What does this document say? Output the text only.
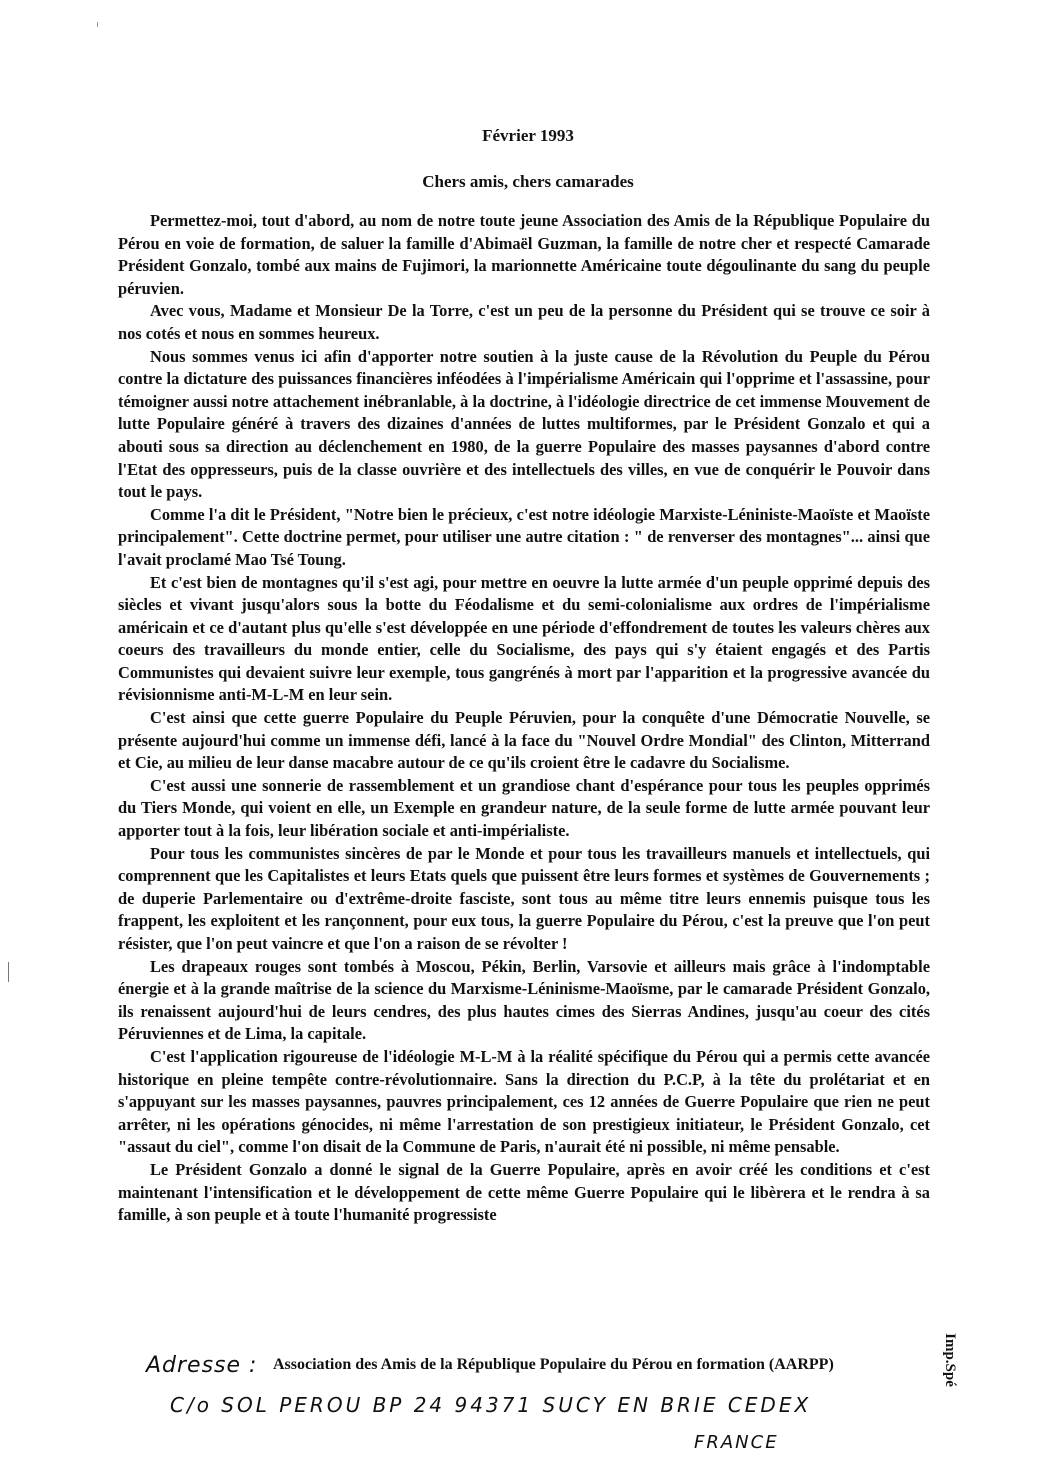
Février 1993
Chers amis, chers camarades

Permettez-moi, tout d'abord, au nom de notre toute jeune Association des Amis de la République Populaire du Pérou en voie de formation, de saluer la famille d'Abimaël Guzman, la famille de notre cher et respecté Camarade Président Gonzalo, tombé aux mains de Fujimori, la marionnette Américaine toute dégoulinante du sang du peuple péruvien.

Avec vous, Madame et Monsieur De la Torre, c'est un peu de la personne du Président qui se trouve ce soir à nos cotés et nous en sommes heureux.

Nous sommes venus ici afin d'apporter notre soutien à la juste cause de la Révolution du Peuple du Pérou contre la dictature des puissances financières inféodées à l'impérialisme Américain qui l'opprime et l'assassine, pour témoigner aussi notre attachement inébranlable, à la doctrine, à l'idéologie directrice de cet immense Mouvement de lutte Populaire généré à travers des dizaines d'années de luttes multiformes, par le Président Gonzalo et qui a abouti sous sa direction au déclenchement en 1980, de la guerre Populaire des masses paysannes d'abord contre l'Etat des oppresseurs, puis de la classe ouvrière et des intellectuels des villes, en vue de conquérir le Pouvoir dans tout le pays.

Comme l'a dit le Président, "Notre bien le précieux, c'est notre idéologie Marxiste-Léniniste-Maoïste et Maoïste principalement". Cette doctrine permet, pour utiliser une autre citation : " de renverser des montagnes"... ainsi que l'avait proclamé Mao Tsé Toung.

Et c'est bien de montagnes qu'il s'est agi, pour mettre en oeuvre la lutte armée d'un peuple opprimé depuis des siècles et vivant jusqu'alors sous la botte du Féodalisme et du semi-colonialisme aux ordres de l'impérialisme américain et ce d'autant plus qu'elle s'est développée en une période d'effondrement de toutes les valeurs chères aux coeurs des travailleurs du monde entier, celle du Socialisme, des pays qui s'y étaient engagés et des Partis Communistes qui devaient suivre leur exemple, tous gangrénés à mort par l'apparition et la progressive avancée du révisionnisme anti-M-L-M en leur sein.

C'est ainsi que cette guerre Populaire du Peuple Péruvien, pour la conquête d'une Démocratie Nouvelle, se présente aujourd'hui comme un immense défi, lancé à la face du "Nouvel Ordre Mondial" des Clinton, Mitterrand et Cie, au milieu de leur danse macabre autour de ce qu'ils croient être le cadavre du Socialisme.

C'est aussi une sonnerie de rassemblement et un grandiose chant d'espérance pour tous les peuples opprimés du Tiers Monde, qui voient en elle, un Exemple en grandeur nature, de la seule forme de lutte armée pouvant leur apporter tout à la fois, leur libération sociale et anti-impérialiste.

Pour tous les communistes sincères de par le Monde et pour tous les travailleurs manuels et intellectuels, qui comprennent que les Capitalistes et leurs Etats quels que puissent être leurs formes et systèmes de Gouvernements ; de duperie Parlementaire ou d'extrême-droite fasciste, sont tous au même titre leurs ennemis puisque tous les frappent, les exploitent et les rançonnent, pour eux tous, la guerre Populaire du Pérou, c'est la preuve que l'on peut résister, que l'on peut vaincre et que l'on a raison de se révolter !

Les drapeaux rouges sont tombés à Moscou, Pékin, Berlin, Varsovie et ailleurs mais grâce à l'indomptable énergie et à la grande maîtrise de la science du Marxisme-Léninisme-Maoïsme, par le camarade Président Gonzalo, ils renaissent aujourd'hui de leurs cendres, des plus hautes cimes des Sierras Andines, jusqu'au coeur des cités Péruviennes et de Lima, la capitale.

C'est l'application rigoureuse de l'idéologie M-L-M à la réalité spécifique du Pérou qui a permis cette avancée historique en pleine tempête contre-révolutionnaire. Sans la direction du P.C.P, à la tête du prolétariat et en s'appuyant sur les masses paysannes, pauvres principalement, ces 12 années de Guerre Populaire que rien ne peut arrêter, ni les opérations génocides, ni même l'arrestation de son prestigieux initiateur, le Président Gonzalo, cet "assaut du ciel", comme l'on disait de la Commune de Paris, n'aurait été ni possible, ni même pensable.

Le Président Gonzalo a donné le signal de la Guerre Populaire, après en avoir créé les conditions et c'est maintenant l'intensification et le développement de cette même Guerre Populaire qui le libèrera et le rendra à sa famille, à son peuple et à toute l'humanité progressiste

Imp.Spé
Adresse : Association des Amis de la République Populaire du Pérou en formation (AARPP)
C/o SOL PEROU BP 24 94371 SUCY EN BRIE CEDEX
FRANCE
